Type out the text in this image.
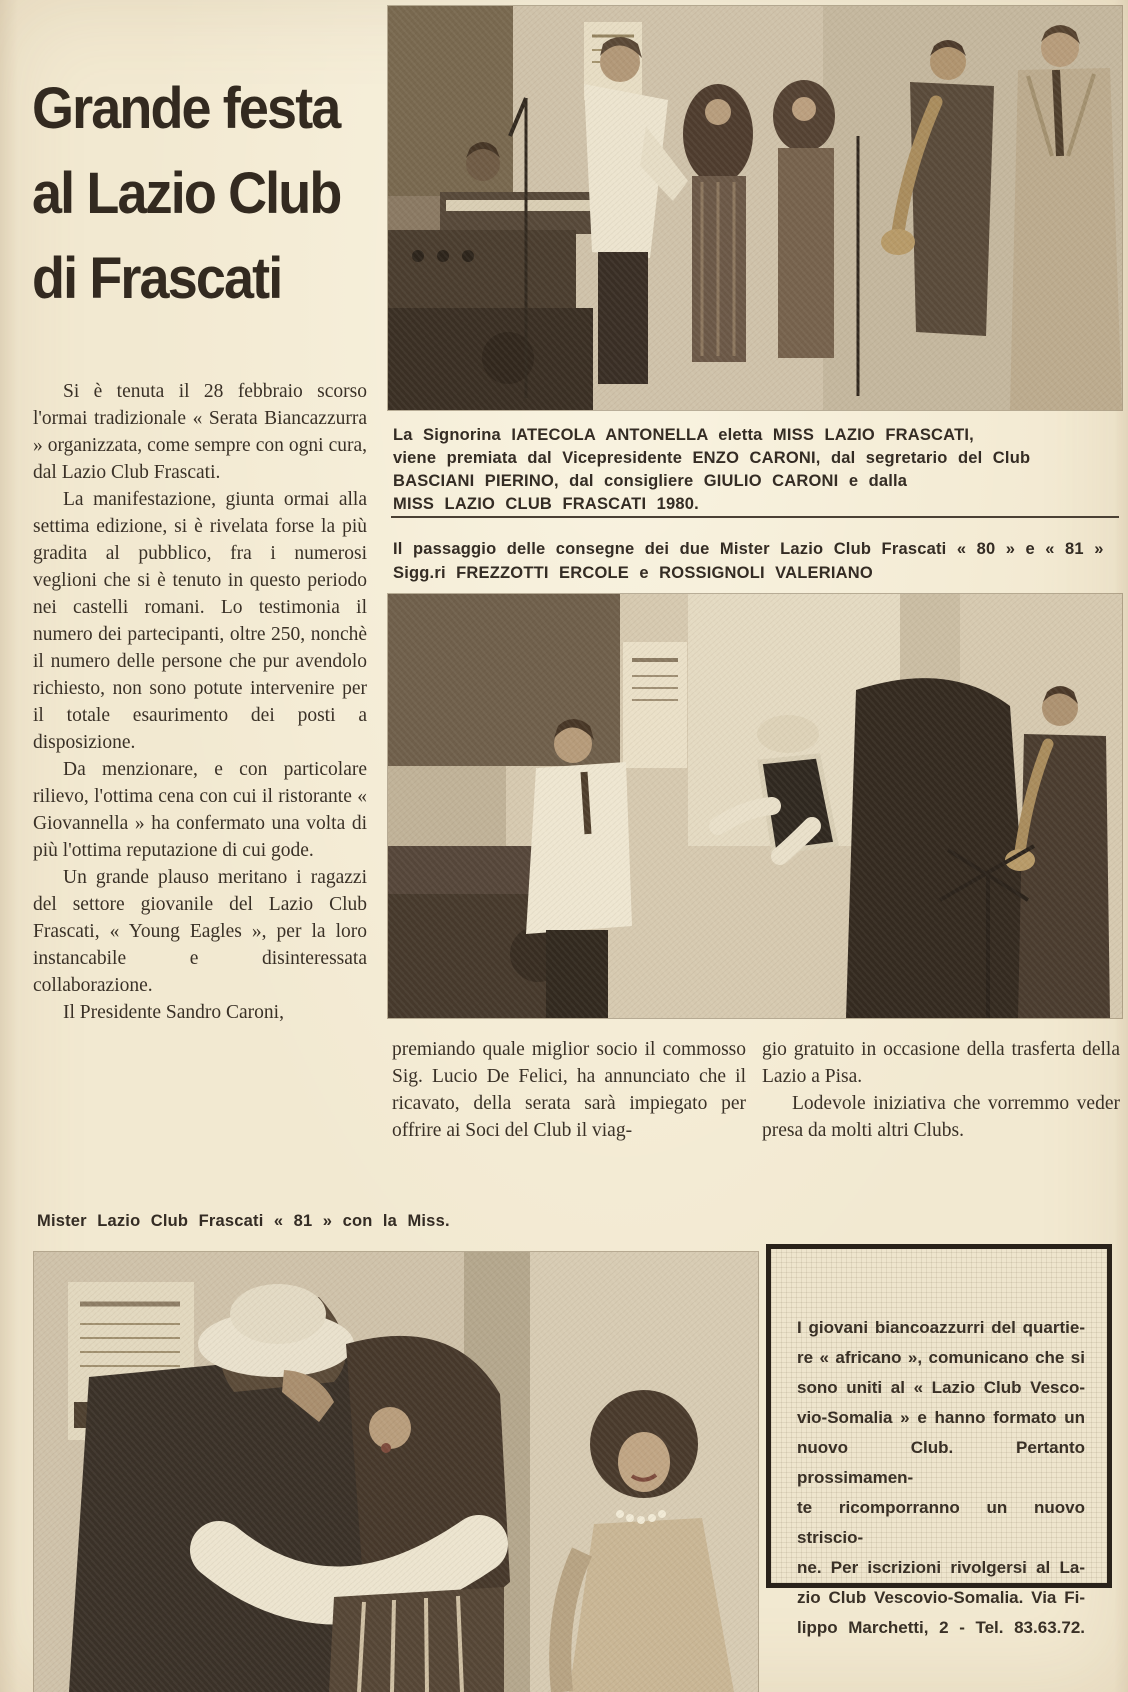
Grande festa
al Lazio Club
di Frascati
La Signorina IATECOLA ANTONELLA eletta MISS LAZIO FRASCATI,
viene premiata dal Vicepresidente ENZO CARONI, dal segretario del Club
BASCIANI PIERINO, dal consigliere GIULIO CARONI e dalla
MISS LAZIO CLUB FRASCATI 1980.
Il passaggio delle consegne dei due Mister Lazio Club Frascati « 80 » e « 81 »
Sigg.ri FREZZOTTI ERCOLE e ROSSIGNOLI VALERIANO

Si è tenuta il 28 febbraio scorso l'ormai tradizionale « Serata Biancazzurra » organizzata, come sempre con ogni cura, dal Lazio Club Frascati.

La manifestazione, giunta ormai alla settima edizione, si è rivelata forse la più gradita al pubblico, fra i numerosi veglioni che si è tenuto in questo periodo nei castelli romani. Lo testimonia il numero dei partecipanti, oltre 250, nonchè il numero delle persone che pur avendolo richiesto, non sono potute intervenire per il totale esaurimento dei posti a disposizione.

Da menzionare, e con particolare rilievo, l'ottima cena con cui il ristorante « Giovannella » ha confermato una volta di più l'ottima reputazione di cui gode.

Un grande plauso meritano i ragazzi del settore giovanile del Lazio Club Frascati, « Young Eagles », per la loro instancabile e disinteressata collaborazione.

Il Presidente Sandro Caroni,

premiando quale miglior socio il commosso Sig. Lucio De Felici, ha annunciato che il ricavato, della serata sarà impiegato per offrire ai Soci del Club il viag-

gio gratuito in occasione della trasferta della Lazio a Pisa.

Lodevole iniziativa che vorremmo veder presa da molti altri Clubs.

Mister Lazio Club Frascati « 81 » con la Miss.
I giovani biancoazzurri del quartie-
re « africano », comunicano che si
sono uniti al « Lazio Club Vesco-
vio-Somalia » e hanno formato un
nuovo Club. Pertanto prossimamen-
te ricomporranno un nuovo striscio-
ne. Per iscrizioni rivolgersi al La-
zio Club Vescovio-Somalia. Via Fi-
lippo Marchetti, 2 - Tel. 83.63.72.
